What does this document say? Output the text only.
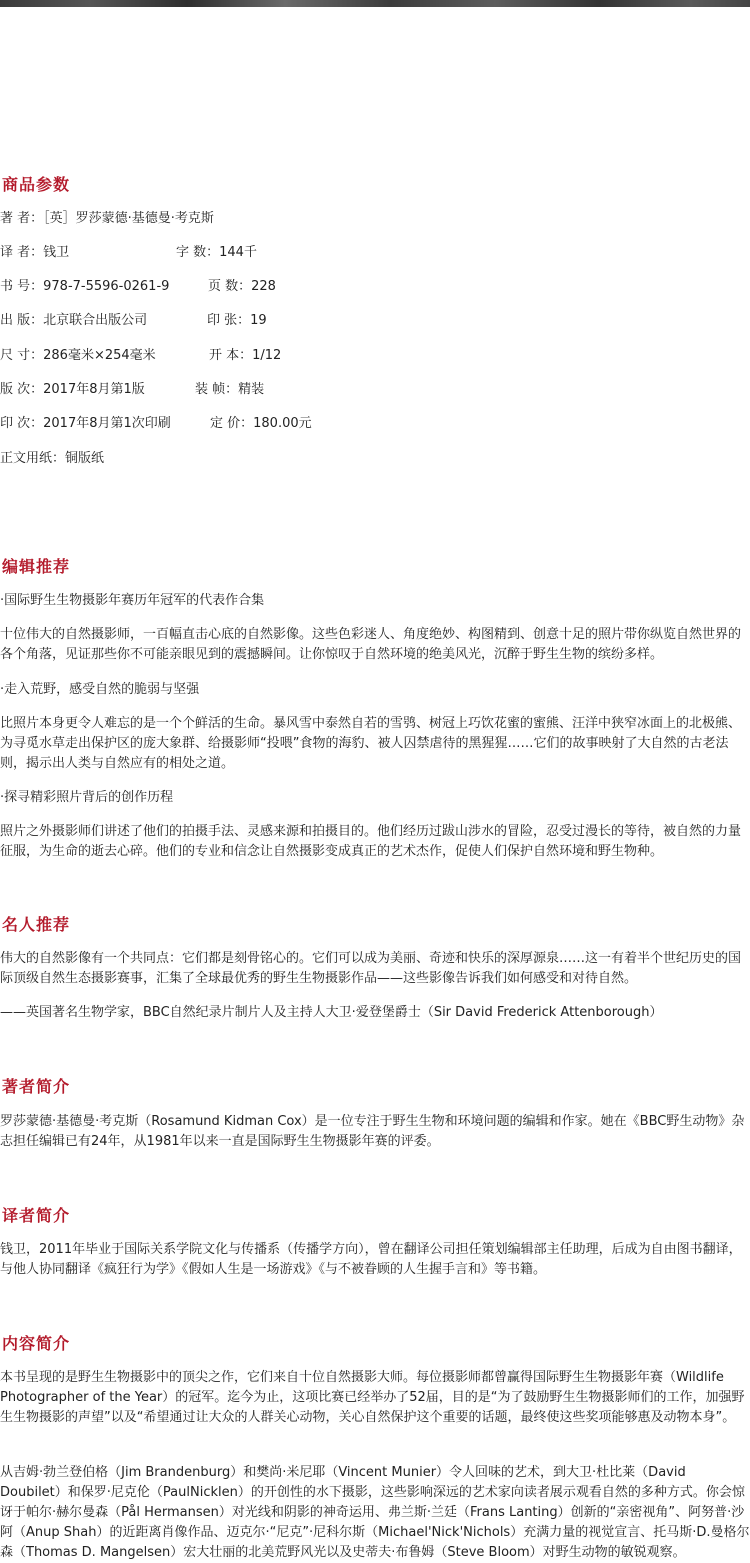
商品参数

著 者：［英］罗莎蒙德·基德曼·考克斯

译 者：钱卫	字 数：144千

书 号：978-7-5596-0261-9	页 数：228

出 版：北京联合出版公司	印 张：19

尺 寸：286毫米×254毫米	开 本：1/12

版 次：2017年8月第1版	装 帧：精装

印 次：2017年8月第1次印刷	定 价：180.00元

正文用纸：铜版纸

编辑推荐

·国际野生生物摄影年赛历年冠军的代表作合集

十位伟大的自然摄影师，一百幅直击心底的自然影像。这些色彩迷人、角度绝妙、构图精到、创意十足的照片带你纵览自然世界的各个角落，见证那些你不可能亲眼见到的震撼瞬间。让你惊叹于自然环境的绝美风光，沉醉于野生生物的缤纷多样。

·走入荒野，感受自然的脆弱与坚强

比照片本身更令人难忘的是一个个鲜活的生命。暴风雪中泰然自若的雪鸮、树冠上巧饮花蜜的蜜熊、汪洋中狭窄冰面上的北极熊、为寻觅水草走出保护区的庞大象群、给摄影师“投喂”食物的海豹、被人囚禁虐待的黑猩猩……它们的故事映射了大自然的古老法则，揭示出人类与自然应有的相处之道。

·探寻精彩照片背后的创作历程

照片之外摄影师们讲述了他们的拍摄手法、灵感来源和拍摄目的。他们经历过跋山涉水的冒险，忍受过漫长的等待，被自然的力量征服，为生命的逝去心碎。他们的专业和信念让自然摄影变成真正的艺术杰作，促使人们保护自然环境和野生物种。

名人推荐

伟大的自然影像有一个共同点：它们都是刻骨铭心的。它们可以成为美丽、奇迹和快乐的深厚源泉……这一有着半个世纪历史的国际顶级自然生态摄影赛事，汇集了全球最优秀的野生生物摄影作品——这些影像告诉我们如何感受和对待自然。

——英国著名生物学家，BBC自然纪录片制片人及主持人大卫·爱登堡爵士（Sir David Frederick Attenborough）

著者简介

罗莎蒙德·基德曼·考克斯（Rosamund Kidman Cox）是一位专注于野生生物和环境问题的编辑和作家。她在《BBC野生动物》杂志担任编辑已有24年，从1981年以来一直是国际野生生物摄影年赛的评委。

译者简介

钱卫，2011年毕业于国际关系学院文化与传播系（传播学方向），曾在翻译公司担任策划编辑部主任助理，后成为自由图书翻译，与他人协同翻译《疯狂行为学》《假如人生是一场游戏》《与不被眷顾的人生握手言和》等书籍。

内容简介

本书呈现的是野生生物摄影中的顶尖之作，它们来自十位自然摄影大师。每位摄影师都曾赢得国际野生生物摄影年赛（Wildlife Photographer of the Year）的冠军。迄今为止，这项比赛已经举办了52届，目的是“为了鼓励野生生物摄影师们的工作，加强野生生物摄影的声望”以及“希望通过让大众的人群关心动物，关心自然保护这个重要的话题，最终使这些奖项能够惠及动物本身”。

从吉姆·勃兰登伯格（Jim Brandenburg）和樊尚·米尼耶（Vincent Munier）令人回味的艺术，到大卫·杜比莱（David Doubilet）和保罗·尼克伦（PaulNicklen）的开创性的水下摄影，这些影响深远的艺术家向读者展示观看自然的多种方式。你会惊讶于帕尔·赫尔曼森（Pål Hermansen）对光线和阴影的神奇运用、弗兰斯·兰廷（Frans Lanting）创新的“亲密视角”、阿努普·沙阿（Anup Shah）的近距离肖像作品、迈克尔·“尼克”·尼科尔斯（Michael'Nick'Nichols）充满力量的视觉宣言、托马斯·D.曼格尔森（Thomas D. Mangelsen）宏大壮丽的北美荒野风光以及史蒂夫·布鲁姆（Steve Bloom）对野生动物的敏锐观察。
